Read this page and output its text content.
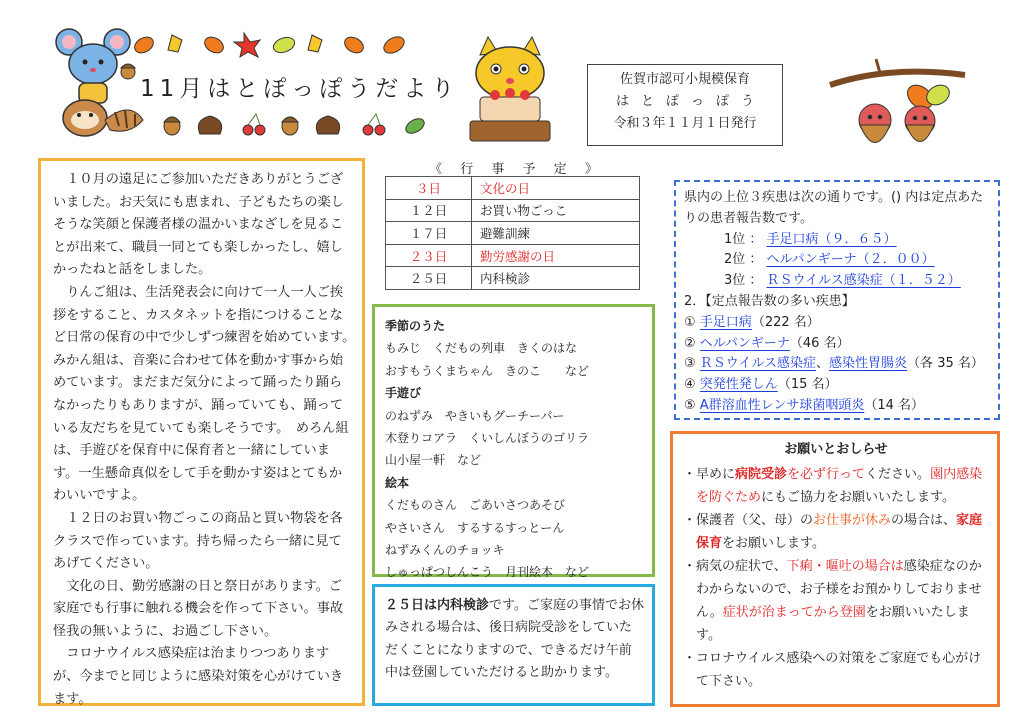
11月はとぽっぽうだより	佐賀市認可小規模保育
はとぽっぽう
令和３年１１月１日発行

１０月の遠足にご参加いただきありがとうございました。お天気にも恵まれ、子どもたちの楽しそうな笑顔と保護者様の温かいまなざしを見ることが出来て、職員一同とても楽しかったし、嬉しかったねと話をしました。

りんご組は、生活発表会に向けて一人一人ご挨拶をすること、カスタネットを指につけることなど日常の保育の中で少しずつ練習を始めています。　みかん組は、音楽に合わせて体を動かす事から始めています。まだまだ気分によって踊ったり踊らなかったりもありますが、踊っていても、踊っている友だちを見ていても楽しそうです。　めろん組は、手遊びを保育中に保育者と一緒にしています。一生懸命真似をして手を動かす姿はとてもかわいいですよ。

１２日のお買い物ごっこの商品と買い物袋を各クラスで作っています。持ち帰ったら一緒に見てあげてください。

文化の日、勤労感謝の日と祭日があります。ご家庭でも行事に触れる機会を作って下さい。事故怪我の無いように、お過ごし下さい。

コロナウイルス感染症は治まりつつありますが、今までと同じように感染対策を心がけていきます。

《 行 事 予 定 》
３日	文化の日
１２日	お買い物ごっこ
１７日	避難訓練
２３日	勤労感謝の日
２５日	内科検診
季節のうた
もみじ　くだもの列車　きくのはな
おすもうくまちゃん　きのこ　　など
手遊び
のねずみ　やきいもグーチーパー
木登りコアラ　くいしんぼうのゴリラ
山小屋一軒　など
絵本
くだものさん　ごあいさつあそび
やさいさん　するするすっとーん
ねずみくんのチョッキ
しゅっぱつしんこう　月刊絵本　など
２５日は内科検診です。ご家庭の事情でお休みされる場合は、後日病院受診をしていただくことになりますので、できるだけ午前中は登園していただけると助かります。
県内の上位３疾患は次の通りです。() 内は定点あたりの患者報告数です。
1位 ： 手足口病（９．６５）
2位 ： ヘルパンギーナ（２．００）
3位 ： ＲＳウイルス感染症（１．５２）
2．【定点報告数の多い疾患】
① 手足口病（222 名）
② ヘルパンギーナ（46 名）
③ ＲＳウイルス感染症、感染性胃腸炎（各 35 名）
④ 突発性発しん（15 名）
⑤ A群溶血性レンサ球菌咽頭炎（14 名）
お願いとおしらせ
・早めに病院受診を必ず行ってください。園内感染を防ぐためにもご協力をお願いいたします。
・保護者（父、母）のお仕事が休みの場合は、家庭保育をお願いします。
・病気の症状で、下痢・嘔吐の場合は感染症なのかわからないので、お子様をお預かりしておりません。症状が治まってから登園をお願いいたします。
・コロナウイルス感染への対策をご家庭でも心がけて下さい。
